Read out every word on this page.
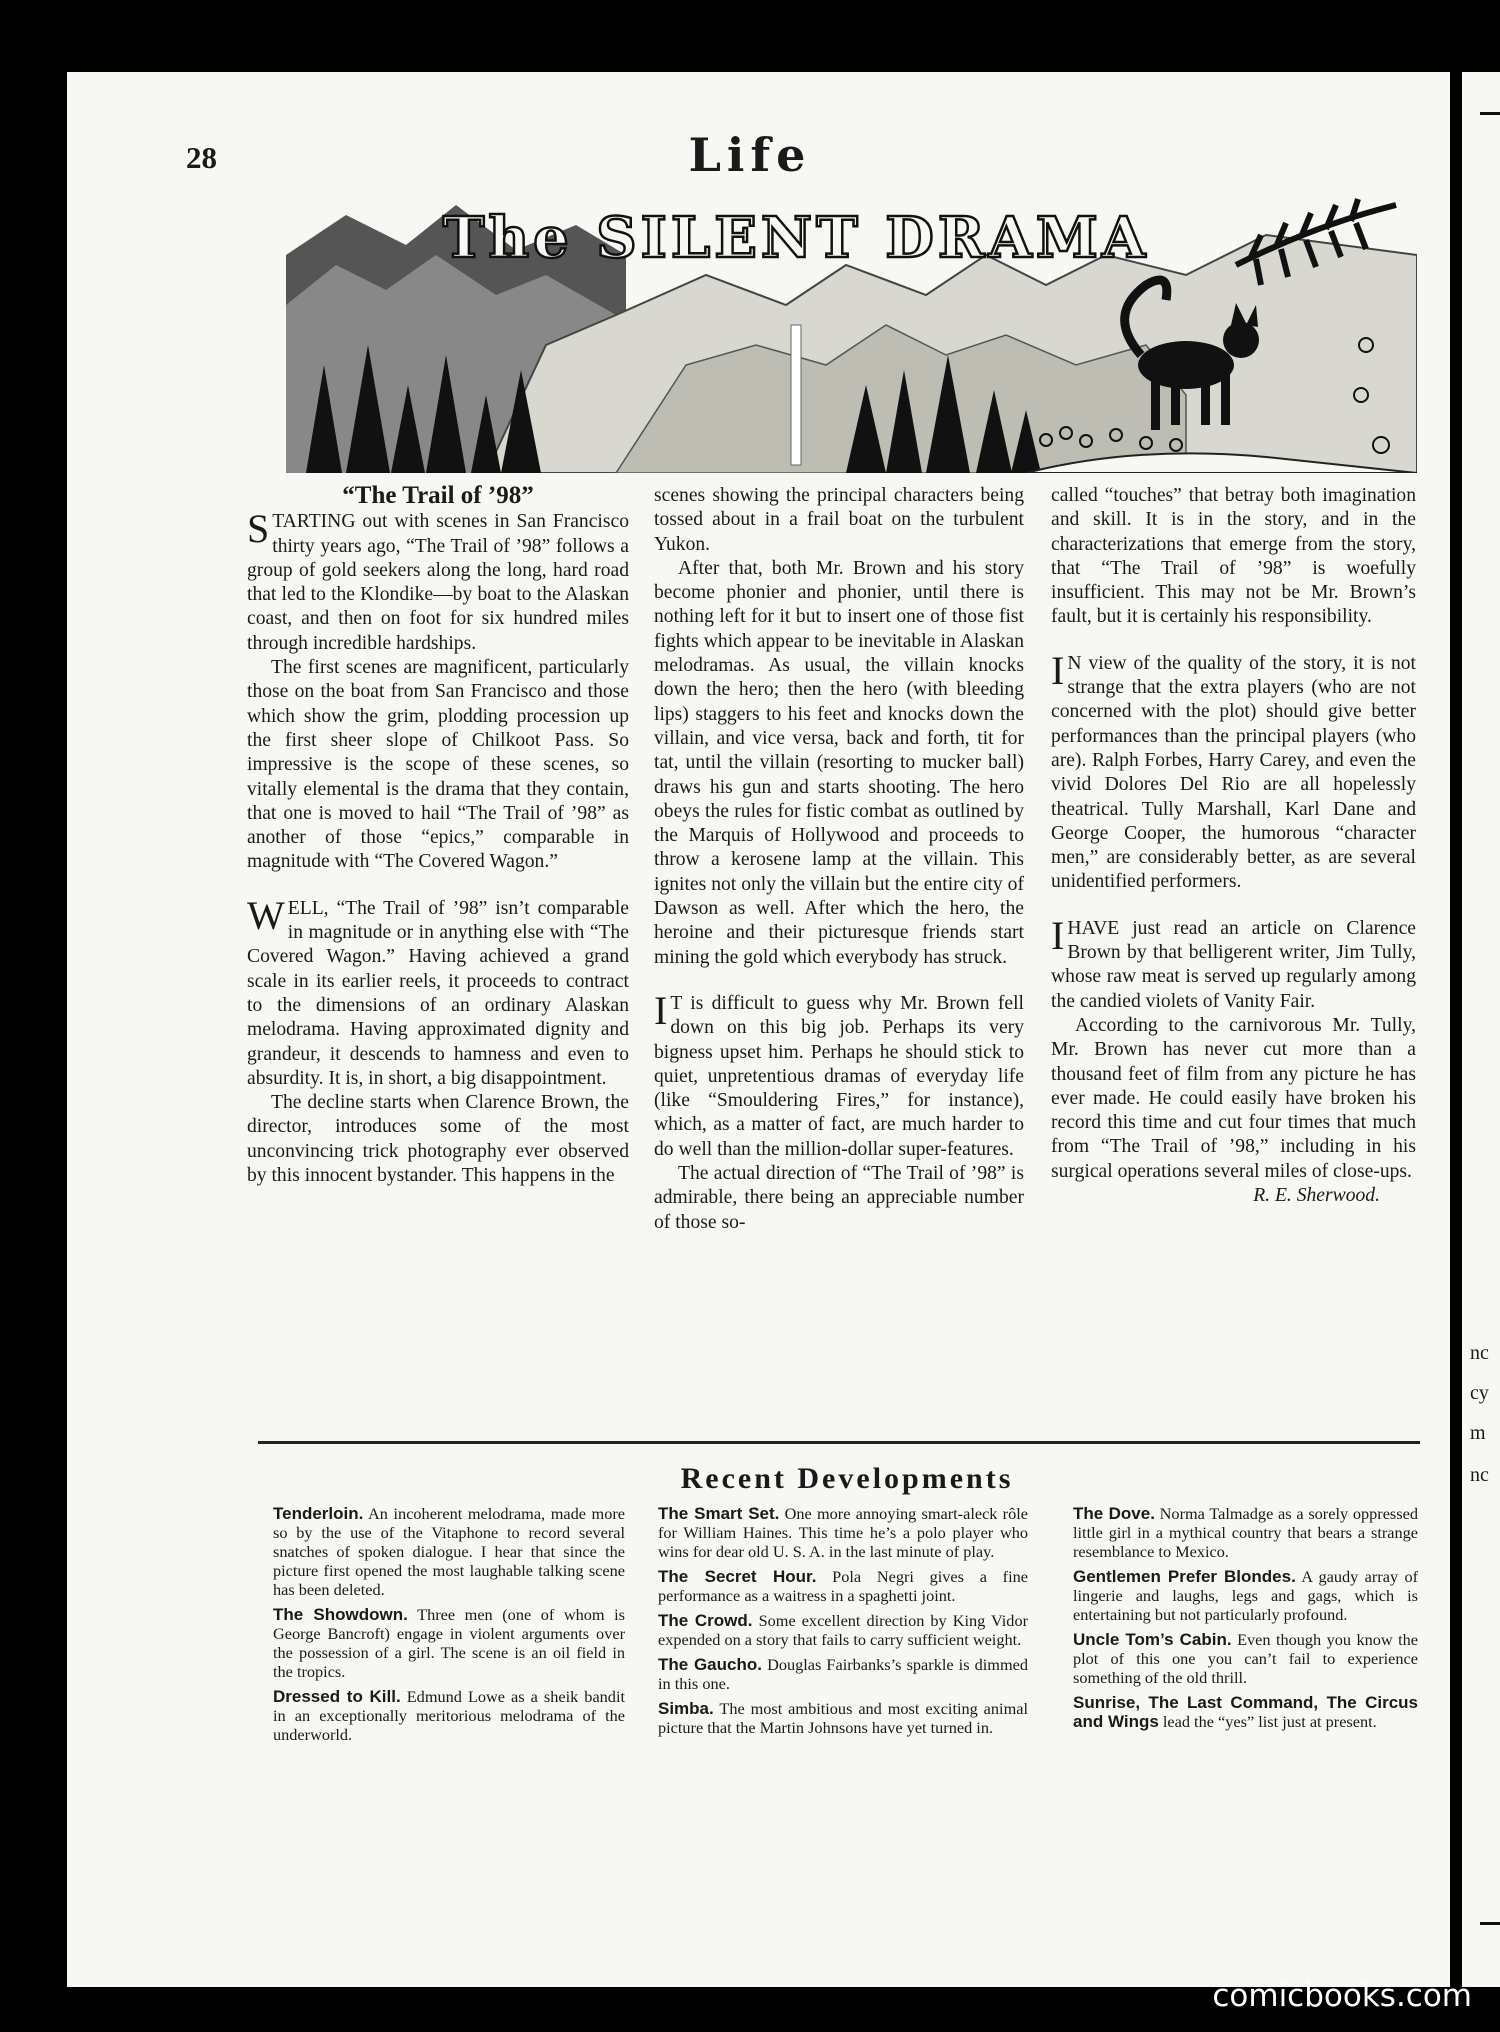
nc
cy
m
nc
28	Life
The SILENT DRAMA
“The Trail of ’98”

STARTING out with scenes in San Francisco thirty years ago, “The Trail of ’98” follows a group of gold seekers along the long, hard road that led to the Klondike—by boat to the Alaskan coast, and then on foot for six hundred miles through incredible hardships.

The first scenes are magnificent, particularly those on the boat from San Francisco and those which show the grim, plodding procession up the first sheer slope of Chilkoot Pass. So impressive is the scope of these scenes, so vitally elemental is the drama that they contain, that one is moved to hail “The Trail of ’98” as another of those “epics,” comparable in magnitude with “The Covered Wagon.”

WELL, “The Trail of ’98” isn’t comparable in magnitude or in anything else with “The Covered Wagon.” Having achieved a grand scale in its earlier reels, it proceeds to contract to the dimensions of an ordinary Alaskan melodrama. Having approximated dignity and grandeur, it descends to hamness and even to absurdity. It is, in short, a big disappointment.

The decline starts when Clarence Brown, the director, introduces some of the most unconvincing trick photography ever observed by this innocent bystander. This happens in the

scenes showing the principal characters being tossed about in a frail boat on the turbulent Yukon.

After that, both Mr. Brown and his story become phonier and phonier, until there is nothing left for it but to insert one of those fist fights which appear to be inevitable in Alaskan melodramas. As usual, the villain knocks down the hero; then the hero (with bleeding lips) staggers to his feet and knocks down the villain, and vice versa, back and forth, tit for tat, until the villain (resorting to mucker ball) draws his gun and starts shooting. The hero obeys the rules for fistic combat as outlined by the Marquis of Hollywood and proceeds to throw a kerosene lamp at the villain. This ignites not only the villain but the entire city of Dawson as well. After which the hero, the heroine and their picturesque friends start mining the gold which everybody has struck.

I T is difficult to guess why Mr. Brown fell down on this big job. Perhaps its very bigness upset him. Perhaps he should stick to quiet, unpretentious dramas of everyday life (like “Smouldering Fires,” for instance), which, as a matter of fact, are much harder to do well than the million-dollar super-features.

The actual direction of “The Trail of ’98” is admirable, there being an appreciable number of those so-

called “touches” that betray both imagination and skill. It is in the story, and in the characterizations that emerge from the story, that “The Trail of ’98” is woefully insufficient. This may not be Mr. Brown’s fault, but it is certainly his responsibility.

I N view of the quality of the story, it is not strange that the extra players (who are not concerned with the plot) should give better performances than the principal players (who are). Ralph Forbes, Harry Carey, and even the vivid Dolores Del Rio are all hopelessly theatrical. Tully Marshall, Karl Dane and George Cooper, the humorous “character men,” are considerably better, as are several unidentified performers.

I HAVE just read an article on Clarence Brown by that belligerent writer, Jim Tully, whose raw meat is served up regularly among the candied violets of Vanity Fair.

According to the carnivorous Mr. Tully, Mr. Brown has never cut more than a thousand feet of film from any picture he has ever made. He could easily have broken his record this time and cut four times that much from “The Trail of ’98,” including in his surgical operations several miles of close-ups.

R. E. Sherwood.
Recent Developments
Tenderloin. An incoherent melodrama, made more so by the use of the Vitaphone to record several snatches of spoken dialogue. I hear that since the picture first opened the most laughable talking scene has been deleted.
The Showdown. Three men (one of whom is George Bancroft) engage in violent arguments over the possession of a girl. The scene is an oil field in the tropics.
Dressed to Kill. Edmund Lowe as a sheik bandit in an exceptionally meritorious melodrama of the underworld.
The Smart Set. One more annoying smart-aleck rôle for William Haines. This time he’s a polo player who wins for dear old U. S. A. in the last minute of play.
The Secret Hour. Pola Negri gives a fine performance as a waitress in a spaghetti joint.
The Crowd. Some excellent direction by King Vidor expended on a story that fails to carry sufficient weight.
The Gaucho. Douglas Fairbanks’s sparkle is dimmed in this one.
Simba. The most ambitious and most exciting animal picture that the Martin Johnsons have yet turned in.
The Dove. Norma Talmadge as a sorely oppressed little girl in a mythical country that bears a strange resemblance to Mexico.
Gentlemen Prefer Blondes. A gaudy array of lingerie and laughs, legs and gags, which is entertaining but not particularly profound.
Uncle Tom’s Cabin. Even though you know the plot of this one you can’t fail to experience something of the old thrill.
Sunrise, The Last Command, The Circus and Wings lead the “yes” list just at present.
comicbooks.com
